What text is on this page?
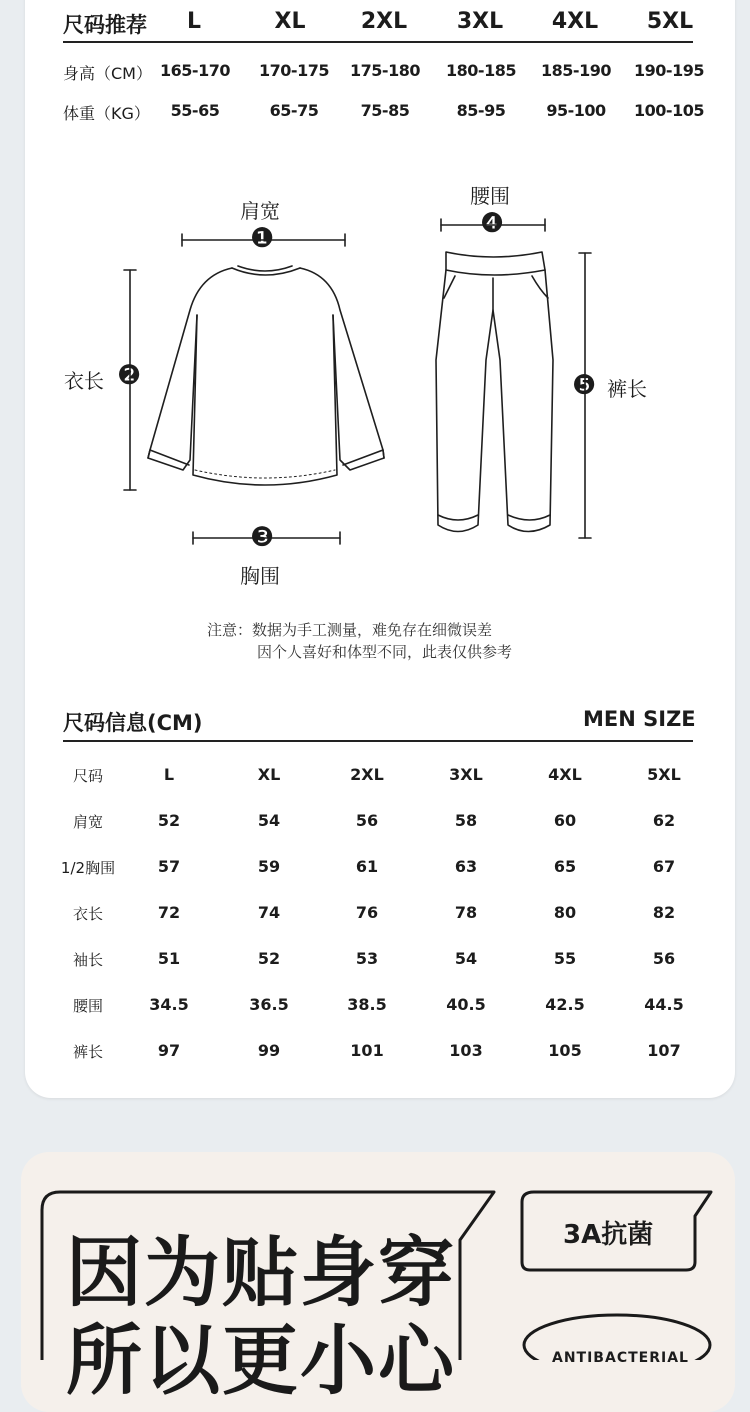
尺码推荐	L	XL	2XL	3XL	4XL	5XL
身高（CM） 165-170	170-175	175-180	180-185	185-190	190-195
体重（KG）	55-65	65-75	75-85	85-95	95-100	100-105
肩宽
❶
衣长 ❷
❸
胸围
腰围
❹
❺ 裤长
注意：数据为手工测量，难免存在细微误差
因个人喜好和体型不同，此表仅供参考
尺码信息(CM)	MEN SIZE
尺码	L	XL	2XL	3XL	4XL	5XL
肩宽	52	54	56	58	60	62
1/2胸围	57	59	61	63	65	67
衣长	72	74	76	78	80	82
袖长	51	52	53	54	55	56
腰围	34.5	36.5	38.5	40.5	42.5	44.5
裤长	97	99	101	103	105	107
因为贴身穿
所以更小心
3A抗菌
ANTIBACTERIAL
